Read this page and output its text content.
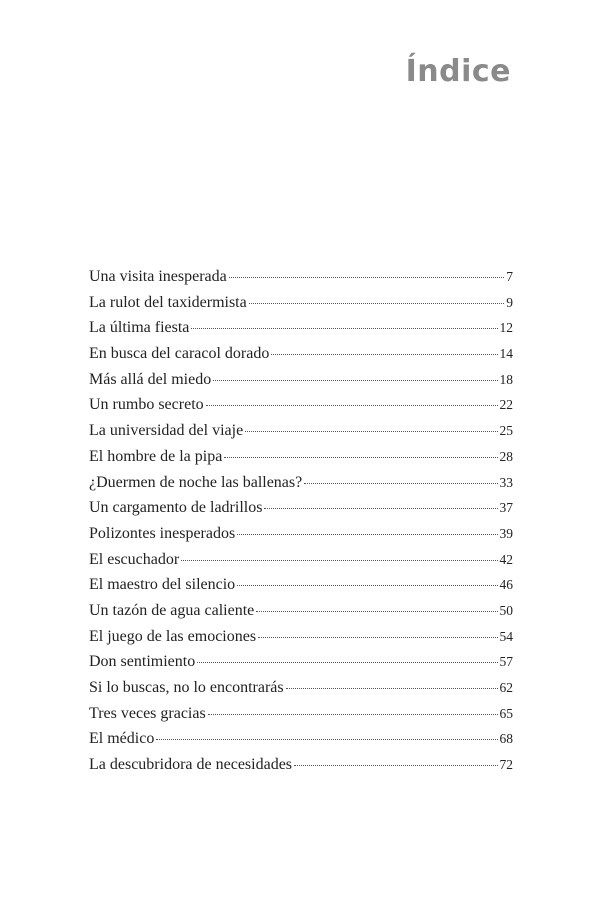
Índice
Una visita inesperada	7
La rulot del taxidermista	9
La última fiesta	12
En busca del caracol dorado	14
Más allá del miedo	18
Un rumbo secreto	22
La universidad del viaje	25
El hombre de la pipa	28
¿Duermen de noche las ballenas?	33
Un cargamento de ladrillos	37
Polizontes inesperados	39
El escuchador	42
El maestro del silencio	46
Un tazón de agua caliente	50
El juego de las emociones	54
Don sentimiento	57
Si lo buscas, no lo encontrarás	62
Tres veces gracias	65
El médico	68
La descubridora de necesidades	72
